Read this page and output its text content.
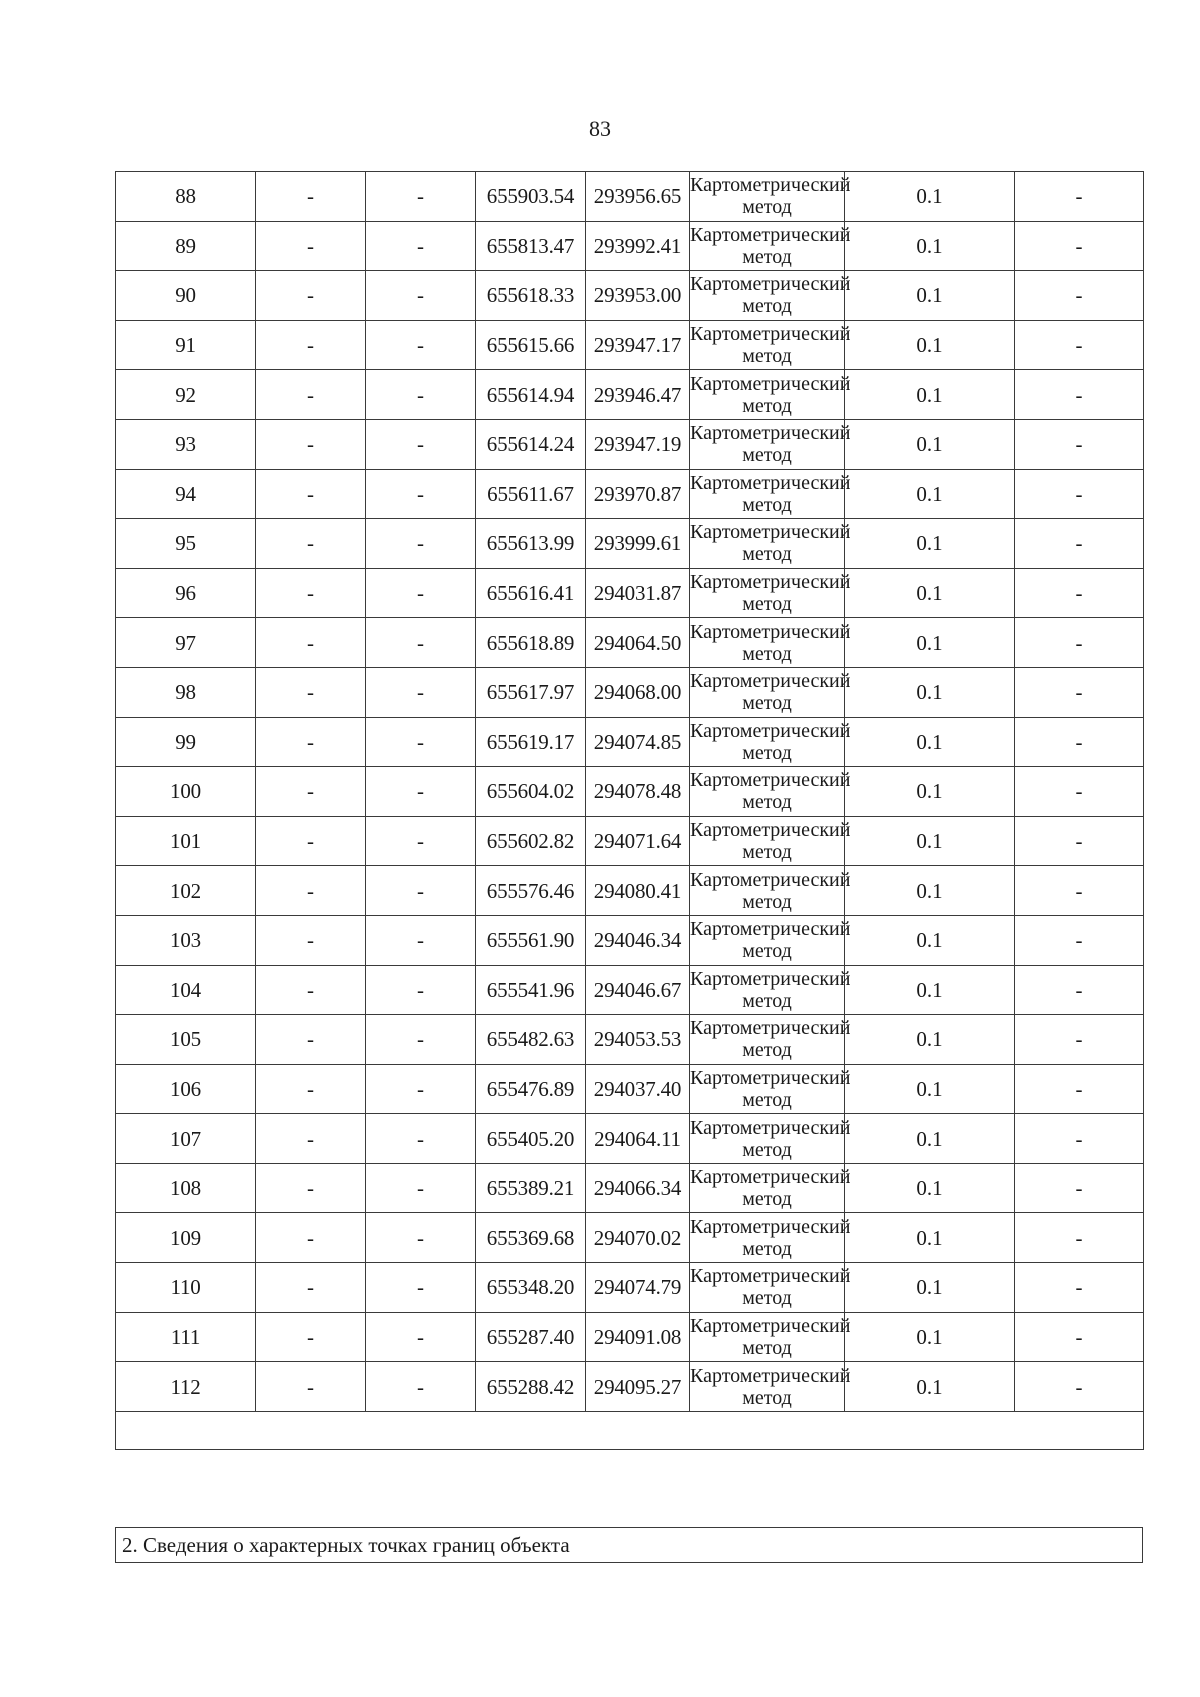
83
88	-	-	655903.54	293956.65	Картометрический метод	0.1	-
89	-	-	655813.47	293992.41	Картометрический метод	0.1	-
90	-	-	655618.33	293953.00	Картометрический метод	0.1	-
91	-	-	655615.66	293947.17	Картометрический метод	0.1	-
92	-	-	655614.94	293946.47	Картометрический метод	0.1	-
93	-	-	655614.24	293947.19	Картометрический метод	0.1	-
94	-	-	655611.67	293970.87	Картометрический метод	0.1	-
95	-	-	655613.99	293999.61	Картометрический метод	0.1	-
96	-	-	655616.41	294031.87	Картометрический метод	0.1	-
97	-	-	655618.89	294064.50	Картометрический метод	0.1	-
98	-	-	655617.97	294068.00	Картометрический метод	0.1	-
99	-	-	655619.17	294074.85	Картометрический метод	0.1	-
100	-	-	655604.02	294078.48	Картометрический метод	0.1	-
101	-	-	655602.82	294071.64	Картометрический метод	0.1	-
102	-	-	655576.46	294080.41	Картометрический метод	0.1	-
103	-	-	655561.90	294046.34	Картометрический метод	0.1	-
104	-	-	655541.96	294046.67	Картометрический метод	0.1	-
105	-	-	655482.63	294053.53	Картометрический метод	0.1	-
106	-	-	655476.89	294037.40	Картометрический метод	0.1	-
107	-	-	655405.20	294064.11	Картометрический метод	0.1	-
108	-	-	655389.21	294066.34	Картометрический метод	0.1	-
109	-	-	655369.68	294070.02	Картометрический метод	0.1	-
110	-	-	655348.20	294074.79	Картометрический метод	0.1	-
111	-	-	655287.40	294091.08	Картометрический метод	0.1	-
112	-	-	655288.42	294095.27	Картометрический метод	0.1	-

2. Сведения о характерных точках границ объекта
